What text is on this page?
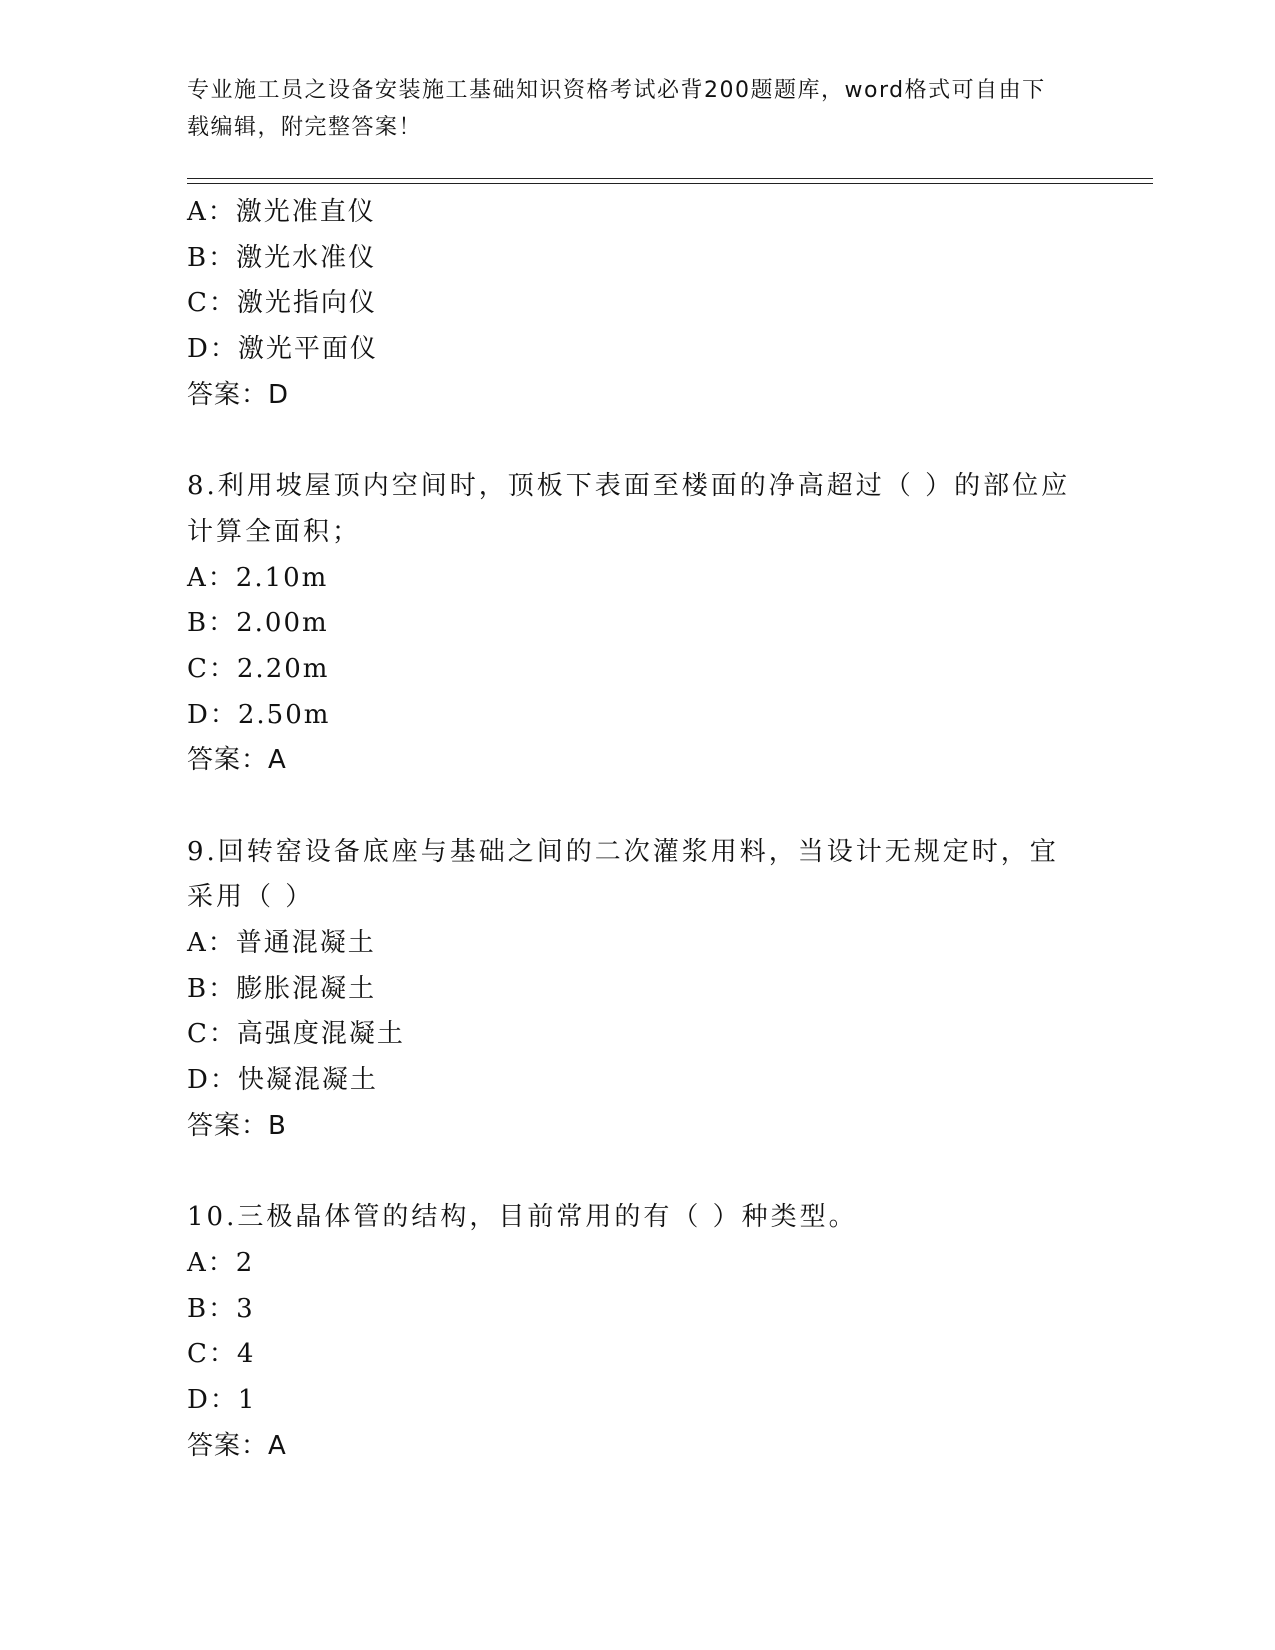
专业施工员之设备安装施工基础知识资格考试必背200题题库，word格式可自由下载编辑，附完整答案！
A：激光准直仪
B：激光水准仪
C：激光指向仪
D：激光平面仪
答案：D
8.利用坡屋顶内空间时，顶板下表面至楼面的净高超过（ ）的部位应
计算全面积；
A：2.10m
B：2.00m
C：2.20m
D：2.50m
答案：A
9.回转窑设备底座与基础之间的二次灌浆用料，当设计无规定时，宜
采用（ ）
A：普通混凝土
B：膨胀混凝土
C：高强度混凝土
D：快凝混凝土
答案：B
10.三极晶体管的结构，目前常用的有（ ）种类型。
A：2
B：3
C：4
D：1
答案：A
